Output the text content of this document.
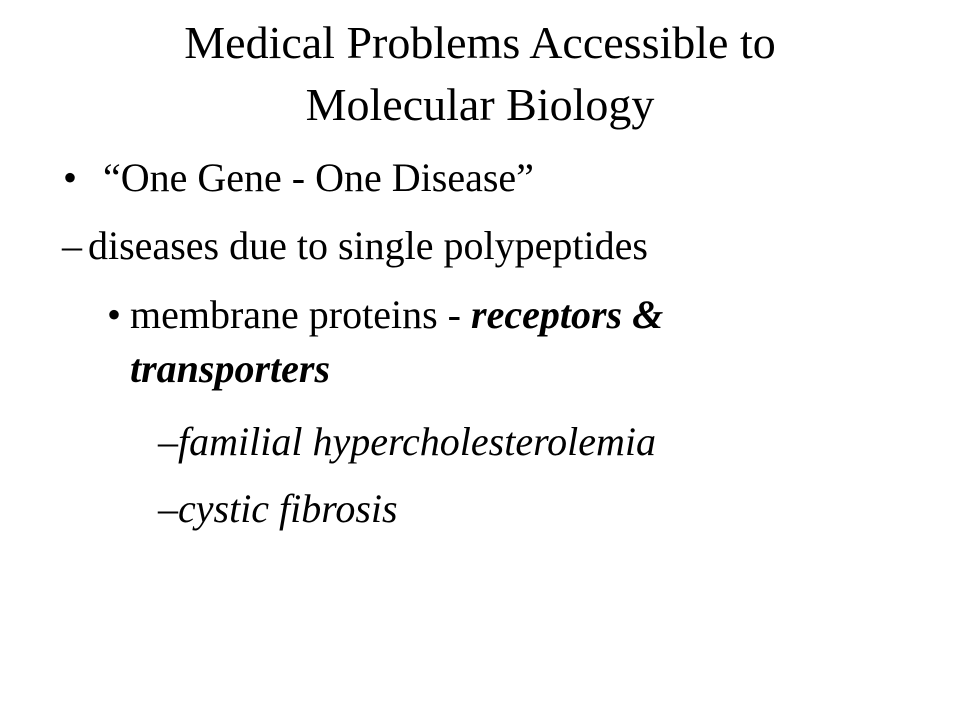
Medical Problems Accessible to
Molecular Biology
• “One Gene - One Disease”
– diseases due to single polypeptides
• membrane proteins - receptors &
transporters
–familial hypercholesterolemia
–cystic fibrosis
